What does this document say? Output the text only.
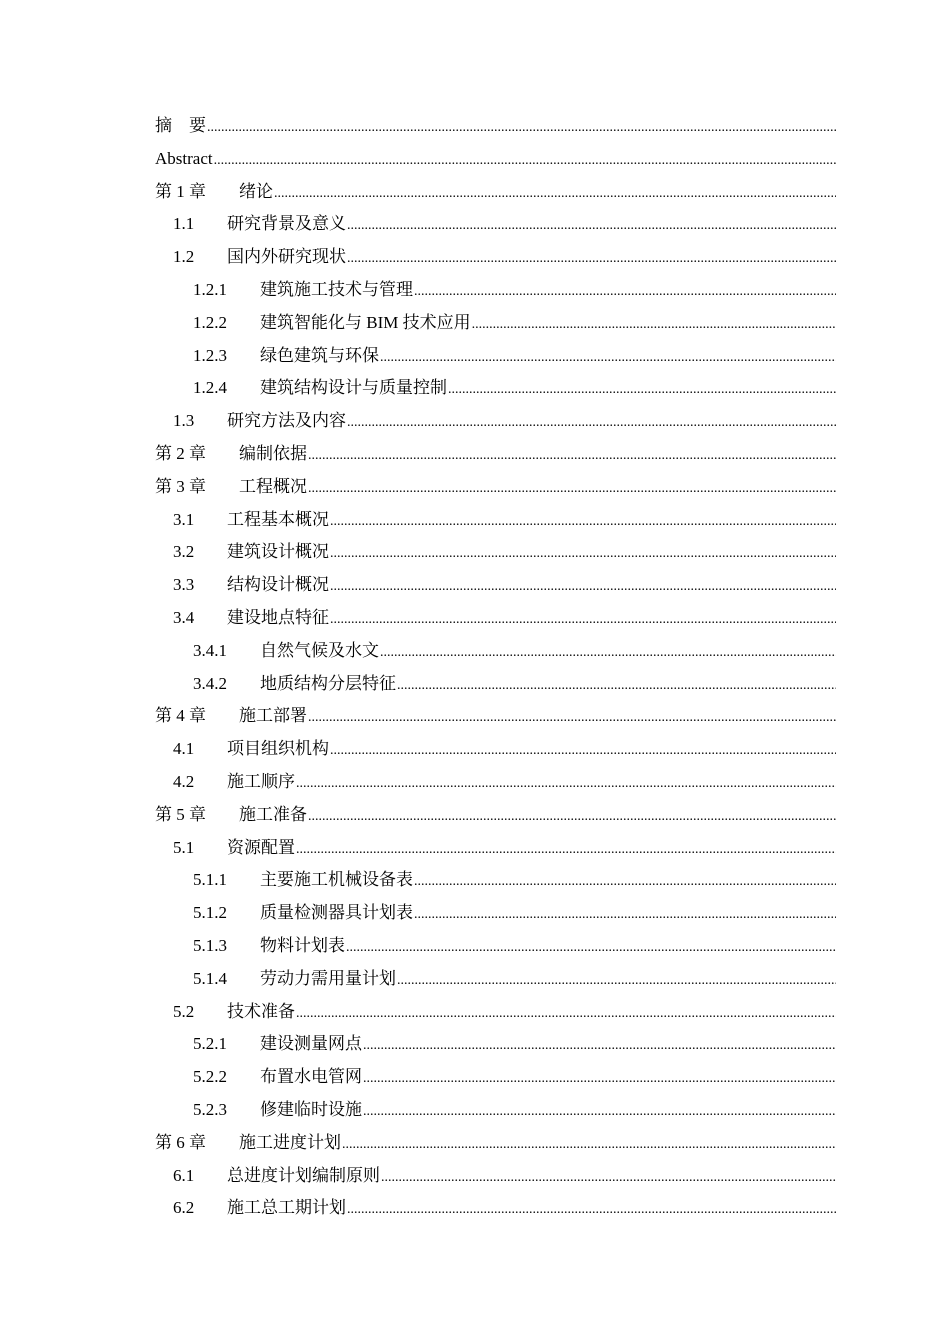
摘　要
.....
Abstract
.....
第 1 章	绪论
.....
1.1	研究背景及意义
.....
1.2	国内外研究现状
.....
1.2.1	建筑施工技术与管理
.....
1.2.2	建筑智能化与 BIM 技术应用
.....
1.2.3	绿色建筑与环保
.....
1.2.4	建筑结构设计与质量控制
.....
1.3	研究方法及内容
.....
第 2 章	编制依据
.....
第 3 章	工程概况
.....
3.1	工程基本概况
.....
3.2	建筑设计概况
.....
3.3	结构设计概况
.....
3.4	建设地点特征
.....
3.4.1	自然气候及水文
.....
3.4.2	地质结构分层特征
.....
第 4 章	施工部署
.....
4.1	项目组织机构
.....
4.2	施工顺序
.....
第 5 章	施工准备
.....
5.1	资源配置
.....
5.1.1	主要施工机械设备表
.....
5.1.2	质量检测器具计划表
.....
5.1.3	物料计划表
.....
5.1.4	劳动力需用量计划
.....
5.2	技术准备
.....
5.2.1	建设测量网点
.....
5.2.2	布置水电管网
.....
5.2.3	修建临时设施
.....
第 6 章	施工进度计划
.....
6.1	总进度计划编制原则
.....
6.2	施工总工期计划
.....
